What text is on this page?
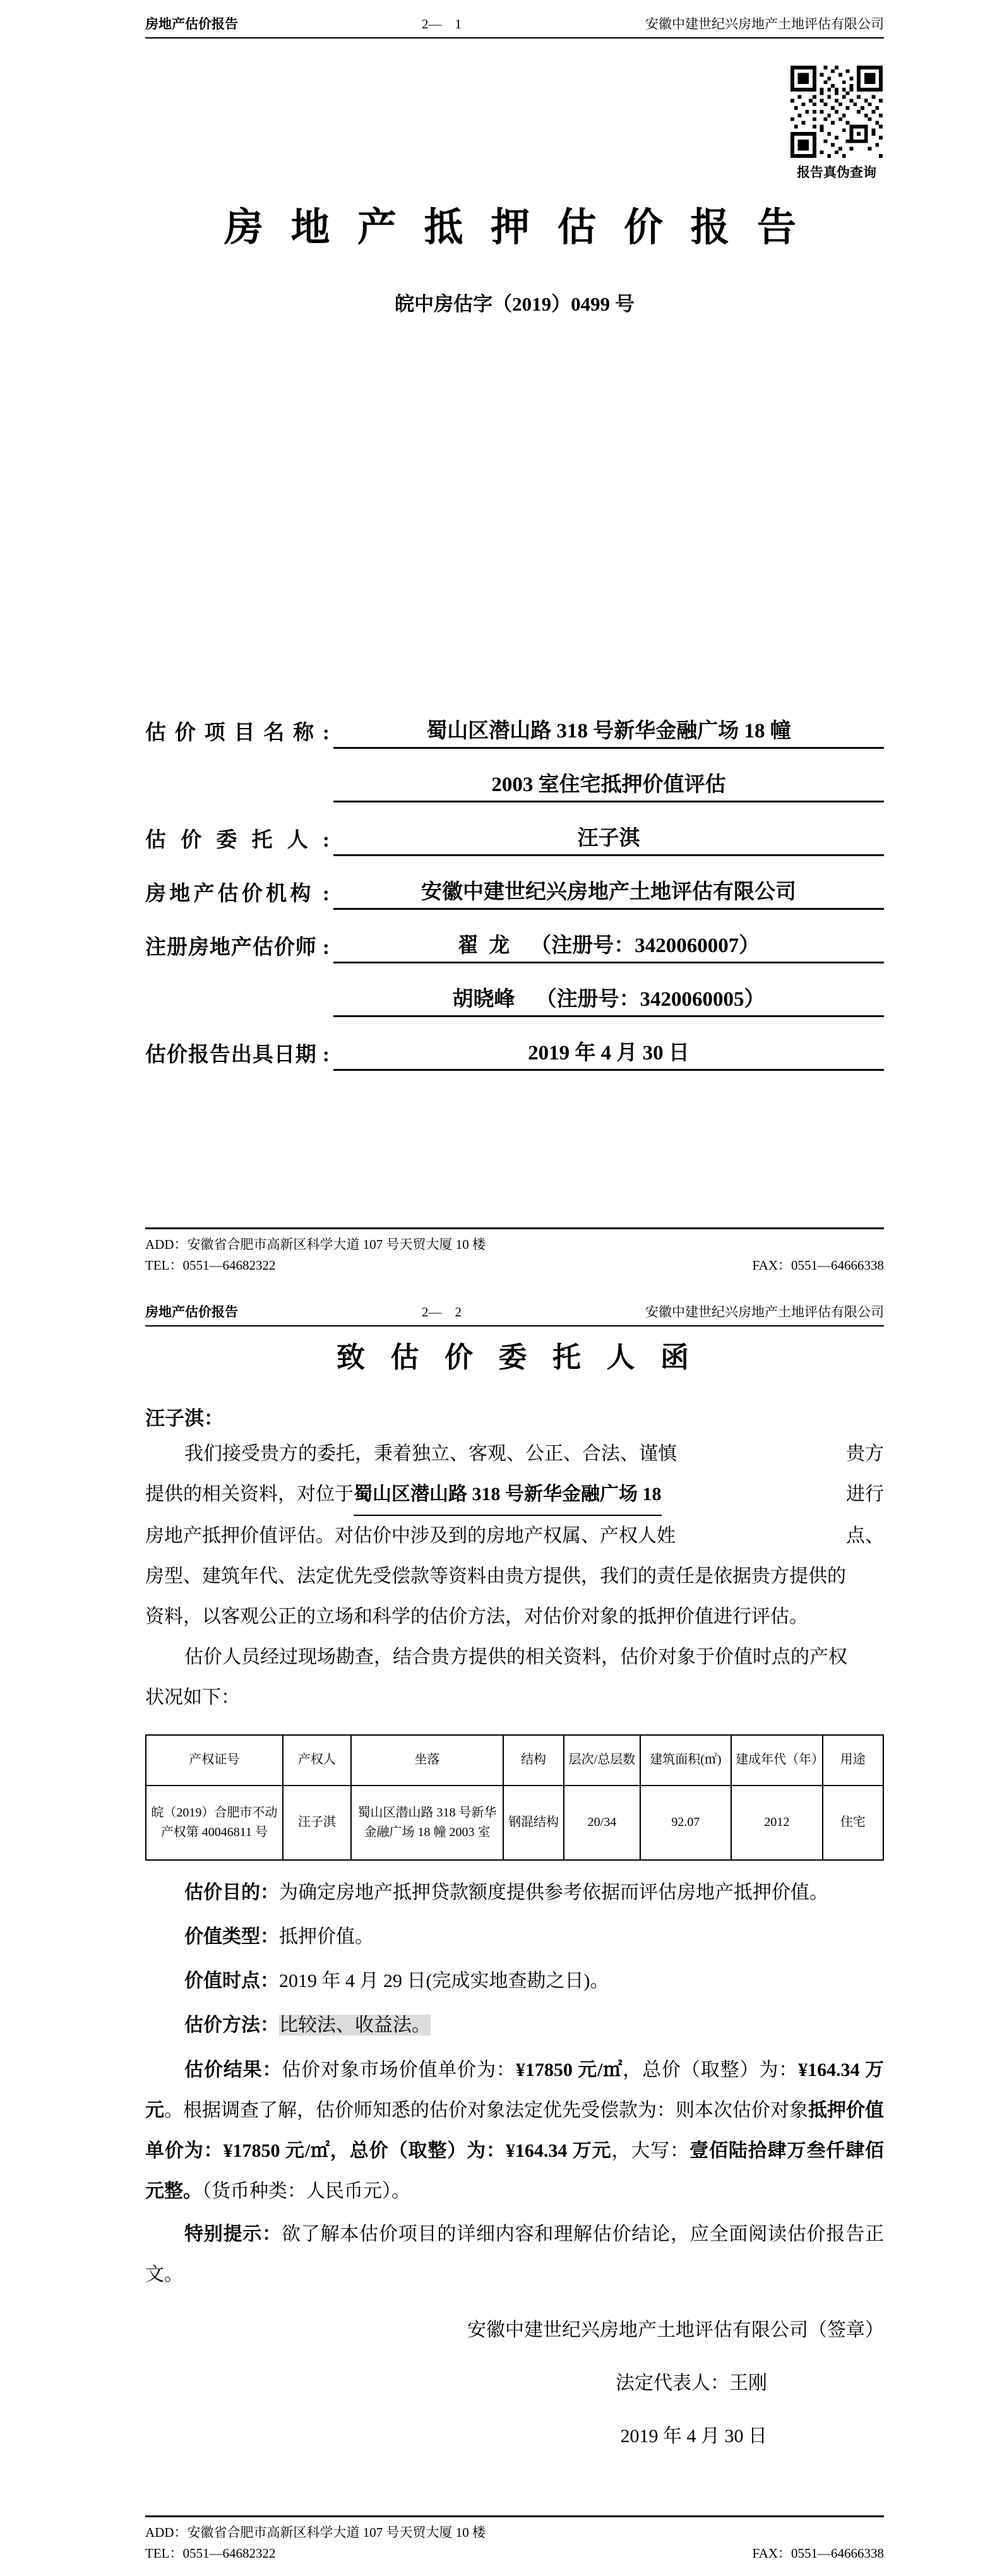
房地产估价报告	2—    1	安徽中建世纪兴房地产土地评估有限公司
报告真伪查询
房 地 产 抵 押 估 价 报 告
皖中房估字（2019）0499 号
估 价 项 目 名 称 :	蜀山区潜山路 318 号新华金融广场 18 幢
2003 室住宅抵押价值评估
估 价 委 托 人 :	汪子淇
房地产估价机构 :	安徽中建世纪兴房地产土地评估有限公司
注册房地产估价师 :	翟  龙    （注册号：3420060007）
胡晓峰    （注册号：3420060005）
估价报告出具日期 :	2019 年 4 月 30 日
ADD：安徽省合肥市高新区科学大道 107 号天贸大厦 10 楼
TEL：0551—64682322	FAX：0551—64666338
房地产估价报告	2—    2	安徽中建世纪兴房地产土地评估有限公司
致  估  价  委  托  人  函
汪子淇：
我们接受贵方的委托，秉着独立、客观、公正、合法、谨慎	贵方
提供的相关资料，对位于 蜀山区潜山路 318 号新华金融广场 18	进行
房地产抵押价值评估。对估价中涉及到的房地产权属、产权人姓	点、
房型、建筑年代、法定优先受偿款等资料由贵方提供，我们的责任是依据贵方提供的
资料，以客观公正的立场和科学的估价方法，对估价对象的抵押价值进行评估。
估价人员经过现场勘查，结合贵方提供的相关资料，估价对象于价值时点的产权
状况如下：
产权证号	产权人	坐落	结构	层次/总层数	建筑面积(㎡)	建成年代（年）	用途
皖（2019）合肥市不动产权第 40046811 号	汪子淇	蜀山区潜山路 318 号新华金融广场 18 幢 2003 室	钢混结构	20/34	92.07	2012	住宅

估价目的：为确定房地产抵押贷款额度提供参考依据而评估房地产抵押价值。

价值类型：抵押价值。

价值时点：2019 年 4 月 29 日(完成实地查勘之日)。

估价方法：比较法、收益法。

估价结果：估价对象市场价值单价为：¥17850 元/㎡，总价（取整）为：¥164.34 万元。根据调查了解，估价师知悉的估价对象法定优先受偿款为：则本次估价对象抵押价值单价为：¥17850 元/㎡，总价（取整）为：¥164.34 万元，大写：壹佰陆拾肆万叁仟肆佰元整。（货币种类：人民币元）。

特别提示：欲了解本估价项目的详细内容和理解估价结论，应全面阅读估价报告正文。

安徽中建世纪兴房地产土地评估有限公司（签章）
法定代表人：王刚
2019 年 4 月 30 日
ADD：安徽省合肥市高新区科学大道 107 号天贸大厦 10 楼
TEL：0551—64682322	FAX：0551—64666338
